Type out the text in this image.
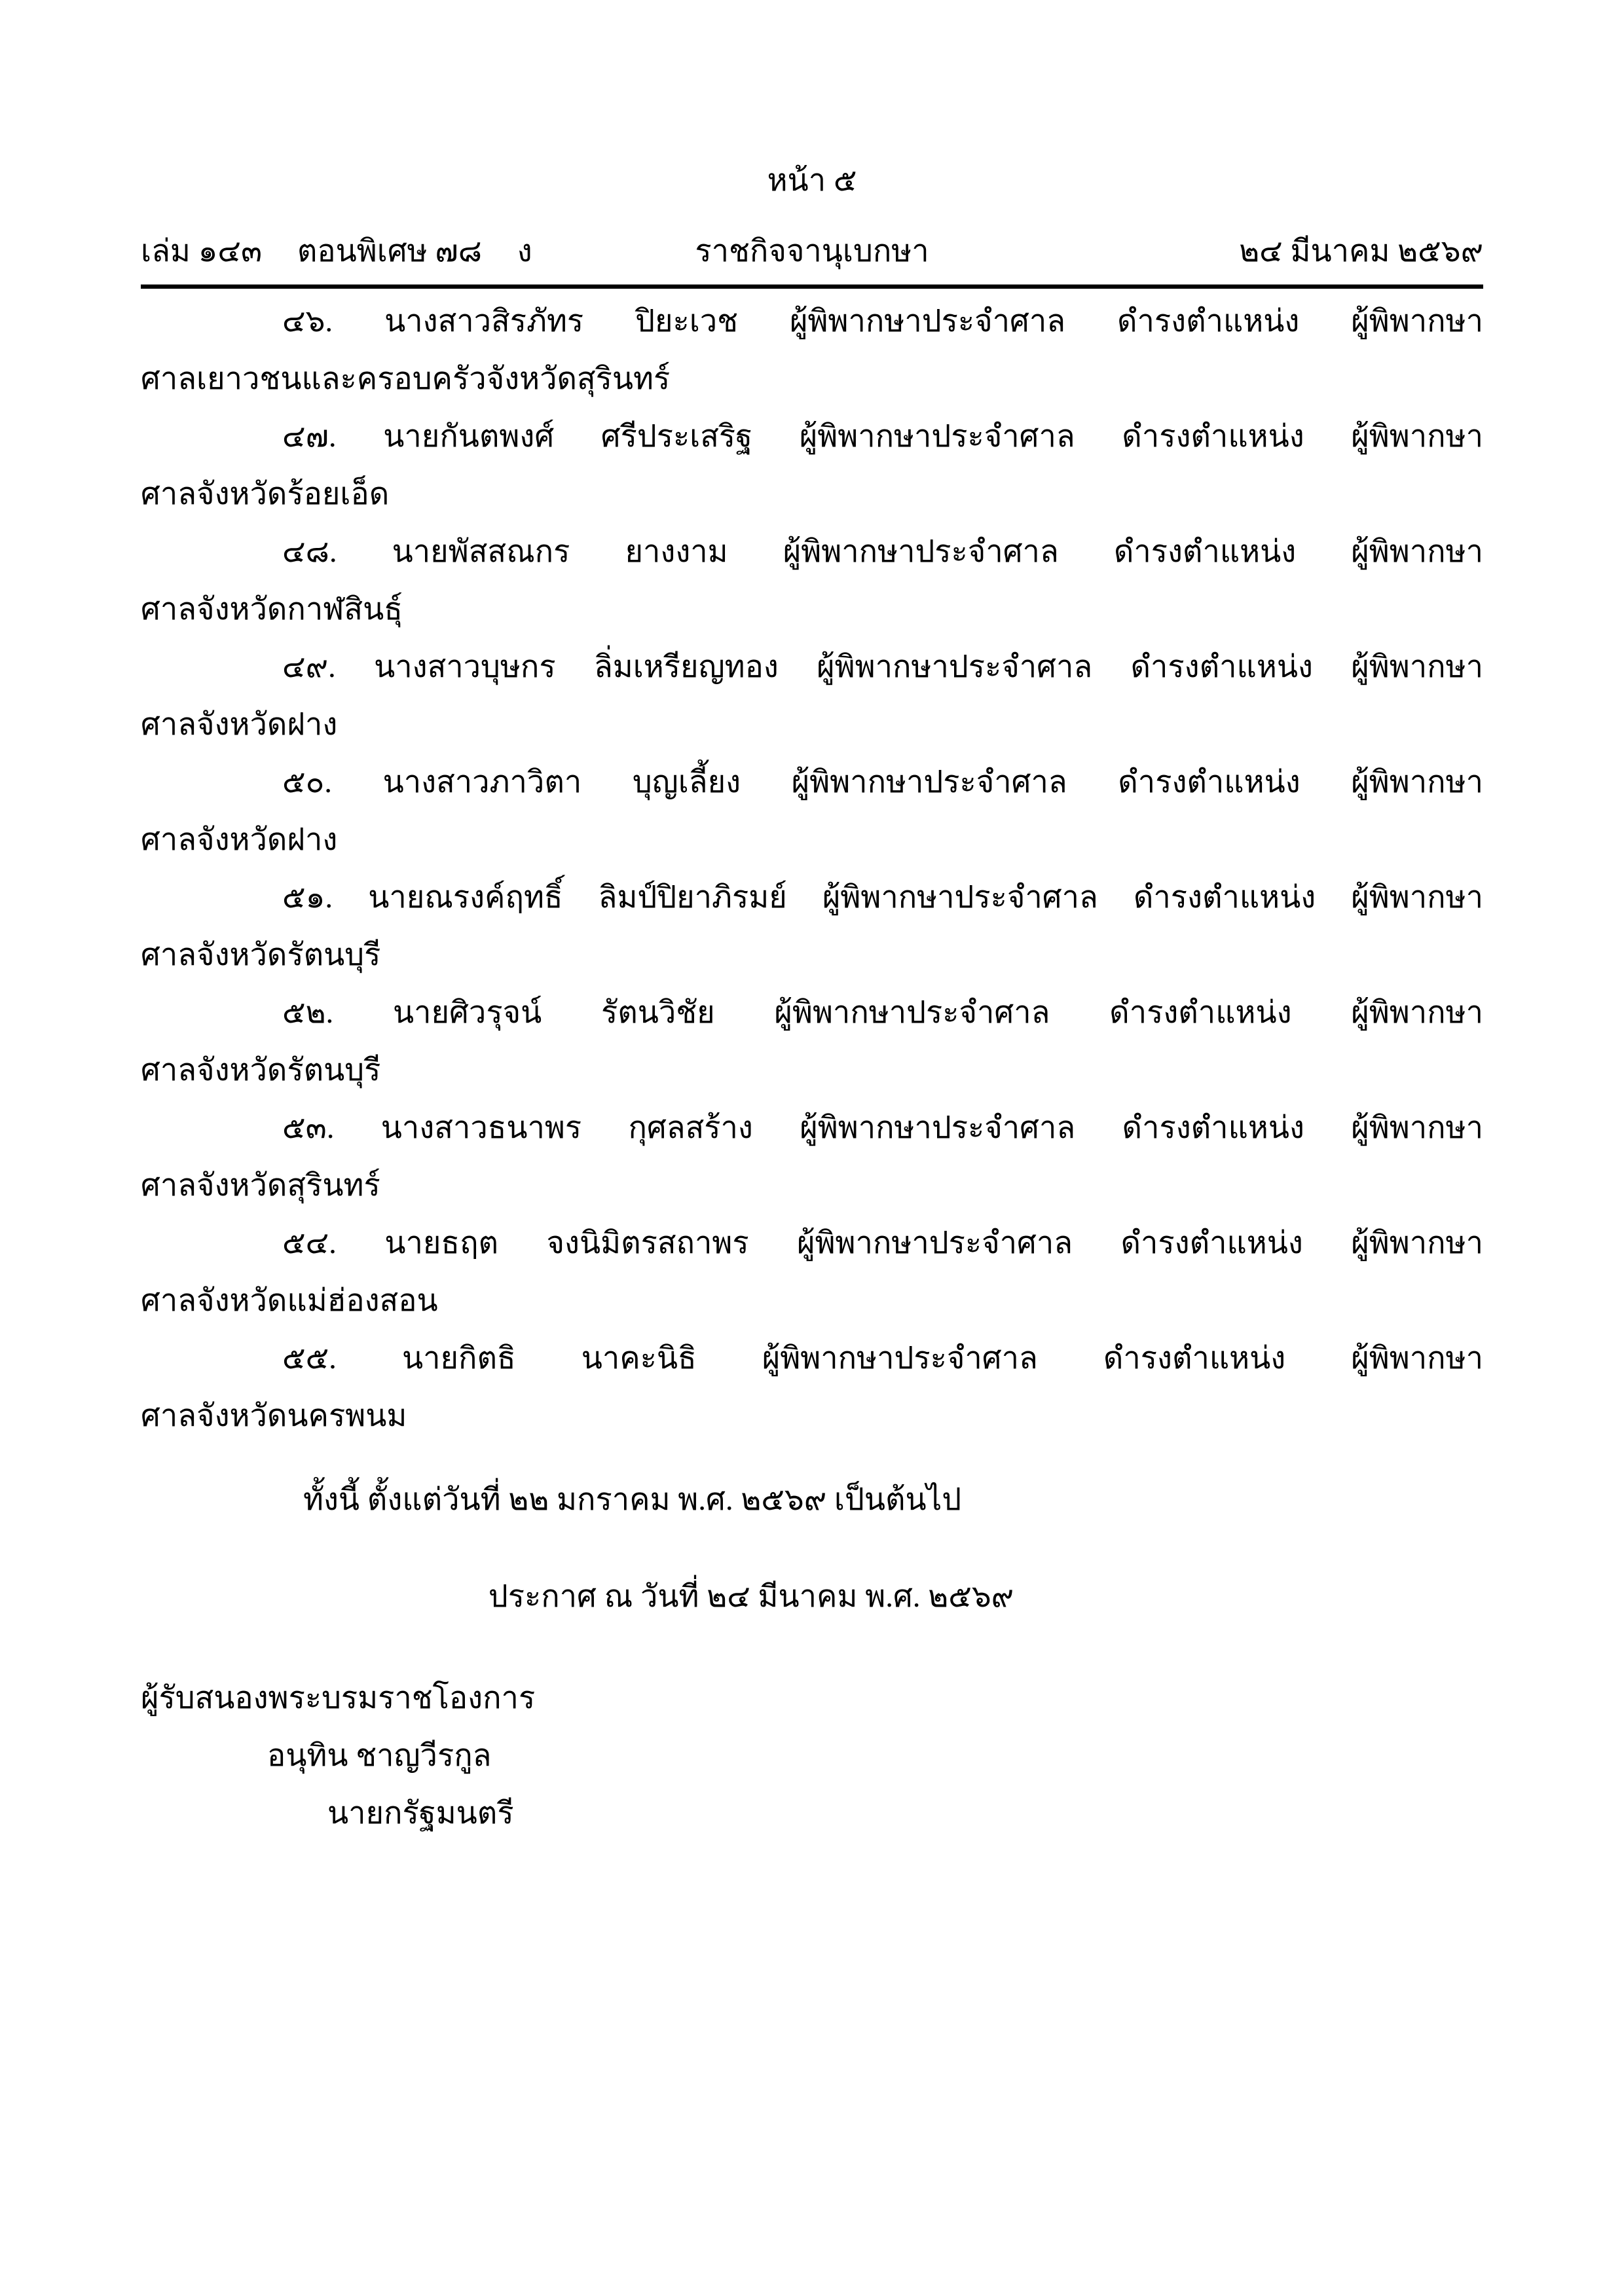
หน้า ๕
เล่ม ๑๔๓ ตอนพิเศษ ๗๘ ง	ราชกิจจานุเบกษา	๒๔ มีนาคม ๒๕๖๙
๔๖. นางสาวสิรภัทร ปิยะเวช ผู้พิพากษาประจำศาล ดำรงตำแหน่ง ผู้พิพากษา
ศาลเยาวชนและครอบครัวจังหวัดสุรินทร์
๔๗. นายกันตพงศ์ ศรีประเสริฐ ผู้พิพากษาประจำศาล ดำรงตำแหน่ง ผู้พิพากษา
ศาลจังหวัดร้อยเอ็ด
๔๘. นายพัสสณกร ยางงาม ผู้พิพากษาประจำศาล ดำรงตำแหน่ง ผู้พิพากษา
ศาลจังหวัดกาฬสินธุ์
๔๙. นางสาวบุษกร ลิ่มเหรียญทอง ผู้พิพากษาประจำศาล ดำรงตำแหน่ง ผู้พิพากษา
ศาลจังหวัดฝาง
๕๐. นางสาวภาวิตา บุญเลี้ยง ผู้พิพากษาประจำศาล ดำรงตำแหน่ง ผู้พิพากษา
ศาลจังหวัดฝาง
๕๑. นายณรงค์ฤทธิ์ ลิมป์ปิยาภิรมย์ ผู้พิพากษาประจำศาล ดำรงตำแหน่ง ผู้พิพากษา
ศาลจังหวัดรัตนบุรี
๕๒. นายศิวรุจน์ รัตนวิชัย ผู้พิพากษาประจำศาล ดำรงตำแหน่ง ผู้พิพากษา
ศาลจังหวัดรัตนบุรี
๕๓. นางสาวธนาพร กุศลสร้าง ผู้พิพากษาประจำศาล ดำรงตำแหน่ง ผู้พิพากษา
ศาลจังหวัดสุรินทร์
๕๔. นายธฤต จงนิมิตรสถาพร ผู้พิพากษาประจำศาล ดำรงตำแหน่ง ผู้พิพากษา
ศาลจังหวัดแม่ฮ่องสอน
๕๕. นายกิตธิ นาคะนิธิ ผู้พิพากษาประจำศาล ดำรงตำแหน่ง ผู้พิพากษา
ศาลจังหวัดนครพนม
ทั้งนี้ ตั้งแต่วันที่ ๒๒ มกราคม พ.ศ. ๒๕๖๙ เป็นต้นไป
ประกาศ ณ วันที่ ๒๔ มีนาคม พ.ศ. ๒๕๖๙
ผู้รับสนองพระบรมราชโองการ
อนุทิน ชาญวีรกูล
นายกรัฐมนตรี
